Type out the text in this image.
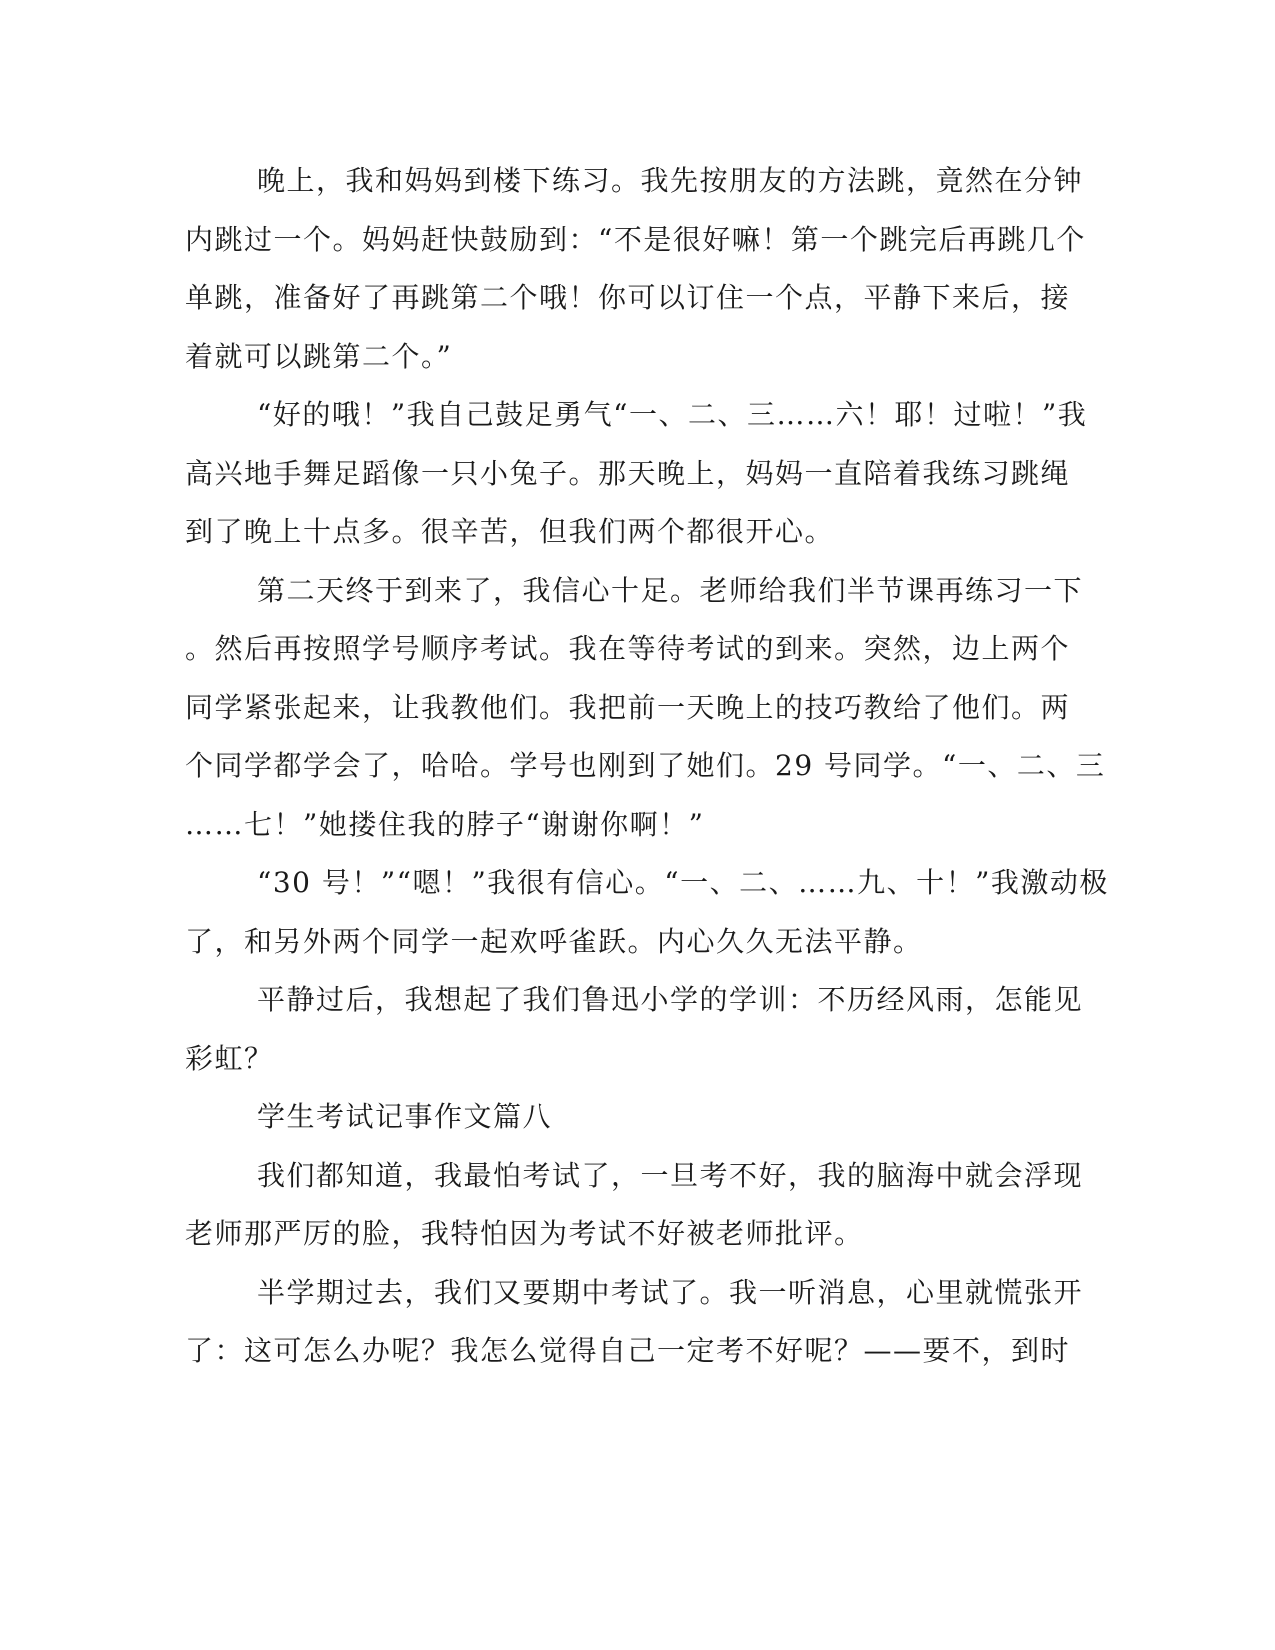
晚上，我和妈妈到楼下练习。我先按朋友的方法跳，竟然在分钟
内跳过一个。妈妈赶快鼓励到：“不是很好嘛！第一个跳完后再跳几个
单跳，准备好了再跳第二个哦！你可以订住一个点，平静下来后，接
着就可以跳第二个。”
“好的哦！”我自己鼓足勇气“一、二、三……六！耶！过啦！”我
高兴地手舞足蹈像一只小兔子。那天晚上，妈妈一直陪着我练习跳绳
到了晚上十点多。很辛苦，但我们两个都很开心。
第二天终于到来了，我信心十足。老师给我们半节课再练习一下
。然后再按照学号顺序考试。我在等待考试的到来。突然，边上两个
同学紧张起来，让我教他们。我把前一天晚上的技巧教给了他们。两
个同学都学会了，哈哈。学号也刚到了她们。29 号同学。“一、二、三
……七！”她搂住我的脖子“谢谢你啊！”
“30 号！”“嗯！”我很有信心。“一、二、……九、十！”我激动极
了，和另外两个同学一起欢呼雀跃。内心久久无法平静。
平静过后，我想起了我们鲁迅小学的学训：不历经风雨，怎能见
彩虹？
学生考试记事作文篇八
我们都知道，我最怕考试了，一旦考不好，我的脑海中就会浮现
老师那严厉的脸，我特怕因为考试不好被老师批评。
半学期过去，我们又要期中考试了。我一听消息，心里就慌张开
了：这可怎么办呢？我怎么觉得自己一定考不好呢？——要不，到时
